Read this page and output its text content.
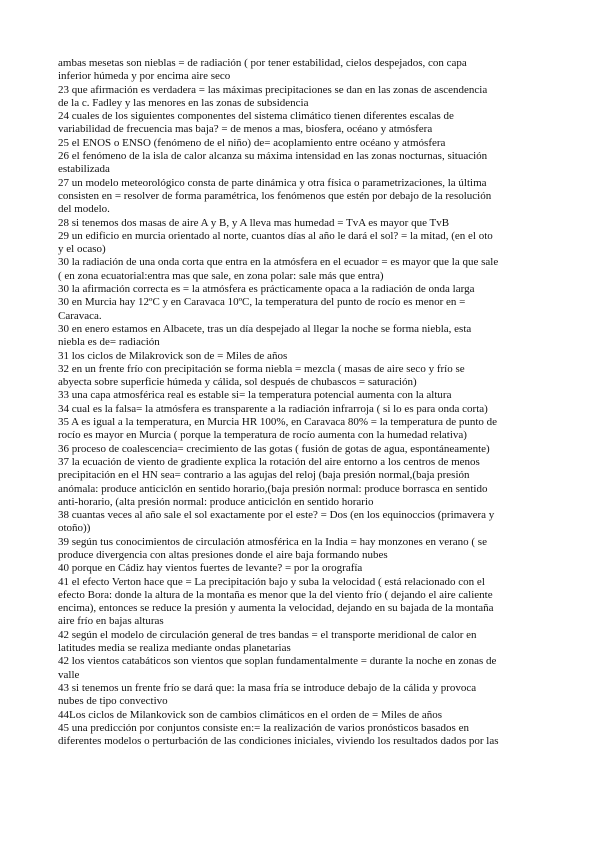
ambas mesetas son nieblas = de radiación ( por tener estabilidad, cielos despejados, con capa
inferior húmeda y por encima aire seco
23 que afirmación es verdadera = las máximas precipitaciones se dan en las zonas de ascendencia
de la c. Fadley y las menores en las zonas de subsidencia
24 cuales de los siguientes componentes del sistema climático tienen diferentes escalas de
variabilidad de frecuencia mas baja? = de menos a mas, biosfera, océano y atmósfera
25 el ENOS o ENSO (fenómeno de el niño) de= acoplamiento entre océano y atmósfera
26 el fenómeno de la isla de calor alcanza su máxima intensidad en las zonas nocturnas, situación
estabilizada
27 un modelo meteorológico consta de parte dinámica y otra física o parametrizaciones, la última
consisten en = resolver de forma paramétrica, los fenómenos que estén por debajo de la resolución
del modelo.
28 si tenemos dos masas de aire A y B, y A lleva mas humedad = TvA es mayor que TvB
29 un edificio en murcia orientado al norte, cuantos días al año le dará el sol? = la mitad, (en el oto
y el ocaso)
30 la radiación de una onda corta que entra en la atmósfera en el ecuador = es mayor que la que sale
( en zona ecuatorial:entra mas que sale, en zona polar: sale más que entra)
30 la afirmación correcta es = la atmósfera es prácticamente opaca a la radiación de onda larga
30 en Murcia hay 12ºC y en Caravaca 10ºC, la temperatura del punto de rocío es menor en =
Caravaca.
30 en enero estamos en Albacete, tras un día despejado al llegar la noche se forma niebla, esta
niebla es de= radiación
31 los ciclos de Milakrovick son de = Miles de años
32 en un frente frío con precipitación se forma niebla = mezcla ( masas de aire seco y frío se
abyecta sobre superficie húmeda y cálida, sol después de chubascos = saturación)
33 una capa atmosférica real es estable si= la temperatura potencial aumenta con la altura
34 cual es la falsa= la atmósfera es transparente a la radiación infrarroja ( si lo es para onda corta)
35 A es igual a la temperatura, en Murcia HR 100%, en Caravaca 80% = la temperatura de punto de
rocío es mayor en Murcia ( porque la temperatura de rocío aumenta con la humedad relativa)
36 proceso de coalescencia= crecimiento de las gotas ( fusión de gotas de agua, espontáneamente)
37 la ecuación de viento de gradiente explica la rotación del aire entorno a los centros de menos
precipitación en el HN sea= contrario a las agujas del reloj (baja presión normal,(baja presión
anómala: produce anticiclón en sentido horario,(baja presión normal: produce borrasca en sentido
anti-horario, (alta presión normal: produce anticiclón en sentido horario
38 cuantas veces al año sale el sol exactamente por el este? = Dos (en los equinoccios (primavera y
otoño))
39 según tus conocimientos de circulación atmosférica en la India = hay monzones en verano ( se
produce divergencia con altas presiones donde el aire baja formando nubes
40 porque en Cádiz hay vientos fuertes de levante? = por la orografía
41 el efecto Verton hace que = La precipitación bajo y suba la velocidad ( está relacionado con el
efecto Bora: donde la altura de la montaña es menor que la del viento frío ( dejando el aire caliente
encima), entonces se reduce la presión y aumenta la velocidad, dejando en su bajada de la montaña
aire frío en bajas alturas
42 según el modelo de circulación general de tres bandas = el transporte meridional de calor en
latitudes media se realiza mediante ondas planetarias
42 los vientos catabáticos son vientos que soplan fundamentalmente = durante la noche en zonas de
valle
43 si tenemos un frente frío se dará que: la masa fría se introduce debajo de la cálida y provoca
nubes de tipo convectivo
44Los ciclos de Milankovick son de cambios climáticos en el orden de = Miles de años
45 una predicción por conjuntos consiste en:= la realización de varios pronósticos basados en
diferentes modelos o perturbación de las condiciones iniciales, viviendo los resultados dados por las
